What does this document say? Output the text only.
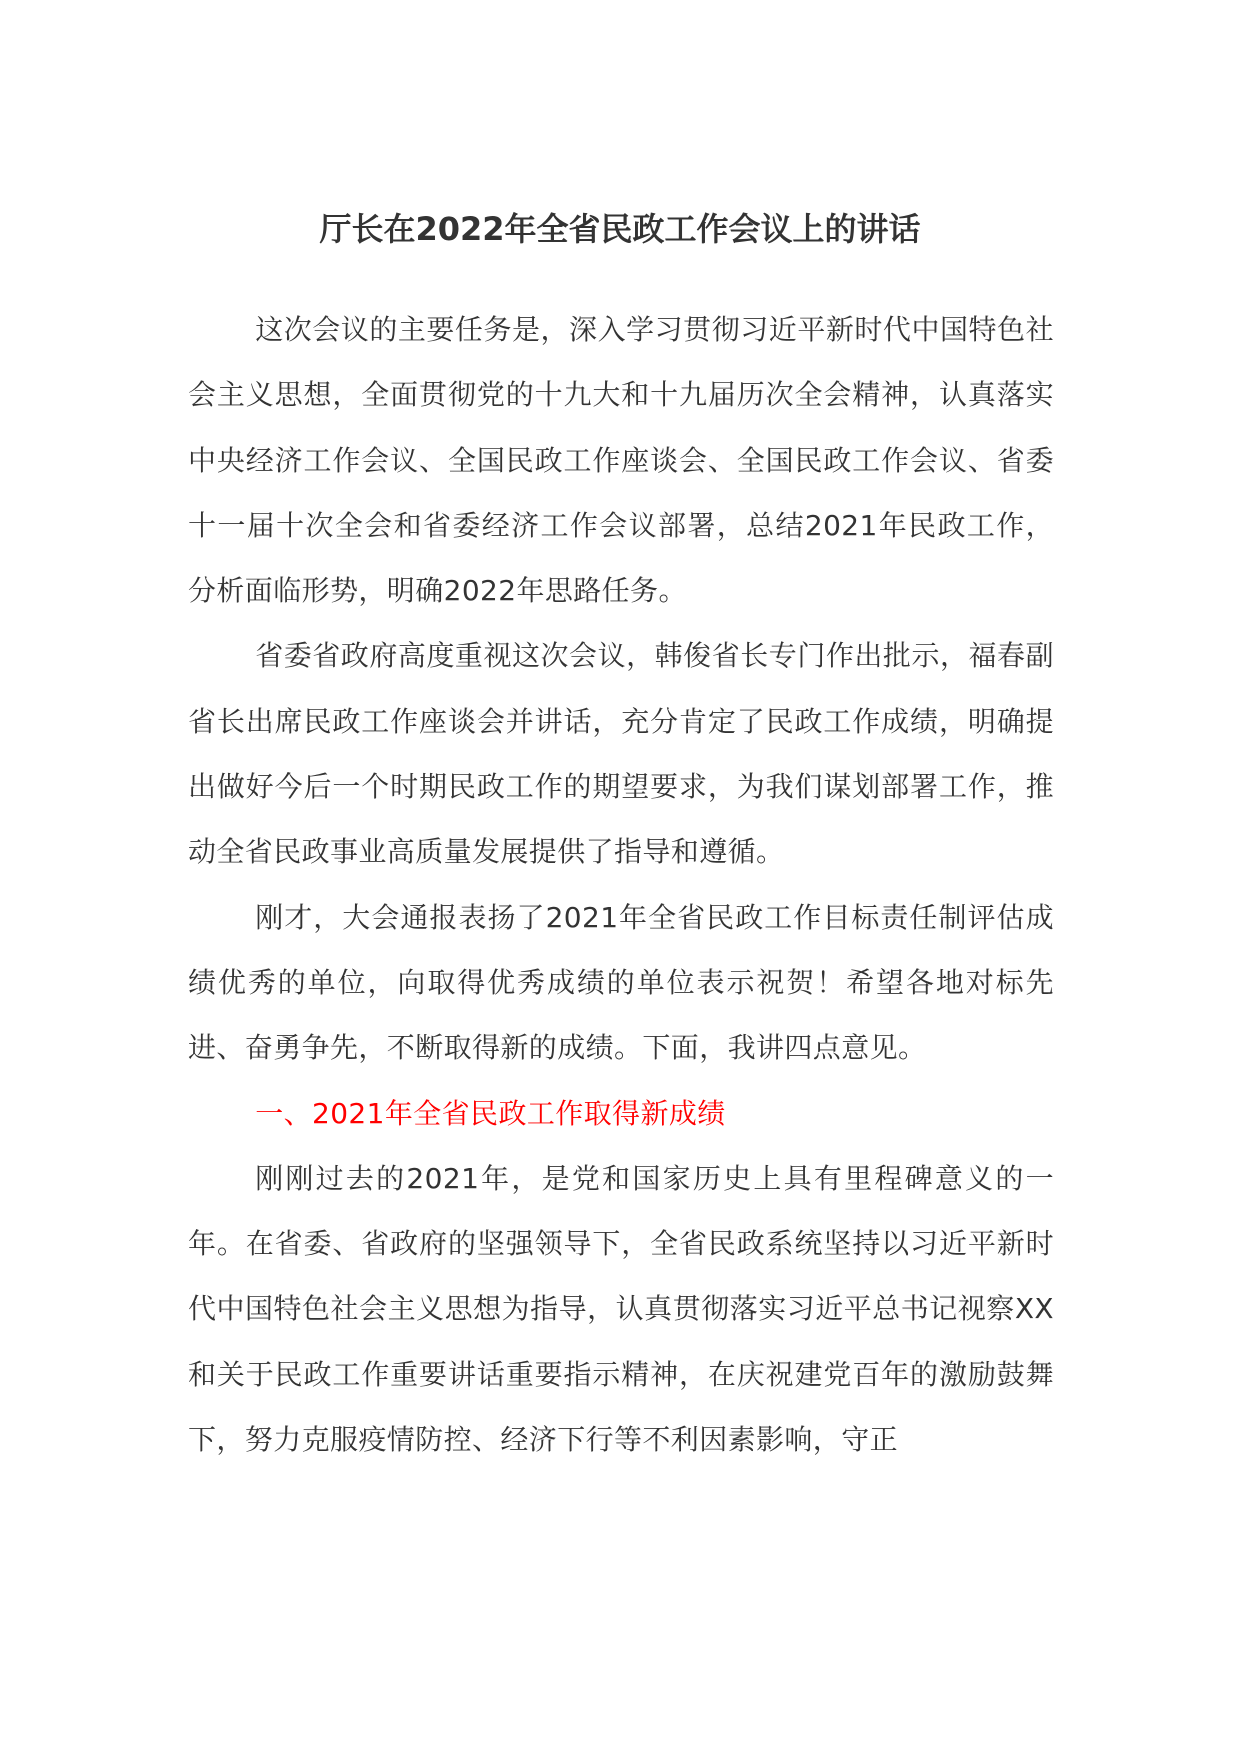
厅长在2022年全省民政工作会议上的讲话

这次会议的主要任务是，深入学习贯彻习近平新时代中国特色社会主义思想，全面贯彻党的十九大和十九届历次全会精神，认真落实中央经济工作会议、全国民政工作座谈会、全国民政工作会议、省委十一届十次全会和省委经济工作会议部署，总结2021年民政工作，分析面临形势，明确2022年思路任务。

省委省政府高度重视这次会议，韩俊省长专门作出批示，福春副省长出席民政工作座谈会并讲话，充分肯定了民政工作成绩，明确提出做好今后一个时期民政工作的期望要求，为我们谋划部署工作，推动全省民政事业高质量发展提供了指导和遵循。

刚才，大会通报表扬了2021年全省民政工作目标责任制评估成绩优秀的单位，向取得优秀成绩的单位表示祝贺！希望各地对标先进、奋勇争先，不断取得新的成绩。下面，我讲四点意见。

一、2021年全省民政工作取得新成绩

刚刚过去的2021年，是党和国家历史上具有里程碑意义的一年。在省委、省政府的坚强领导下，全省民政系统坚持以习近平新时代中国特色社会主义思想为指导，认真贯彻落实习近平总书记视察XX和关于民政工作重要讲话重要指示精神，在庆祝建党百年的激励鼓舞下，努力克服疫情防控、经济下行等不利因素影响，守正
